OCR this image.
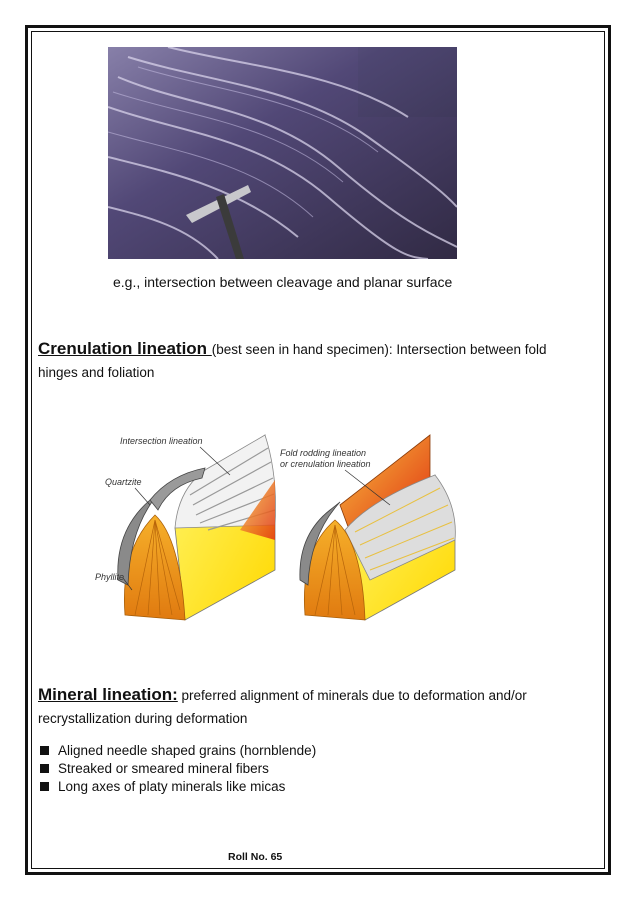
e.g., intersection between cleavage and planar surface
Crenulation lineation (best seen in hand specimen): Intersection between fold
hinges and foliation
Intersection lineation
Quartzite
Phyllite
Fold rodding lineation
or crenulation lineation
Mineral lineation: preferred alignment of minerals due to deformation and/or
recrystallization during deformation
Aligned needle shaped grains (hornblende)
Streaked or smeared mineral fibers
Long axes of platy minerals like micas
Roll No. 65
